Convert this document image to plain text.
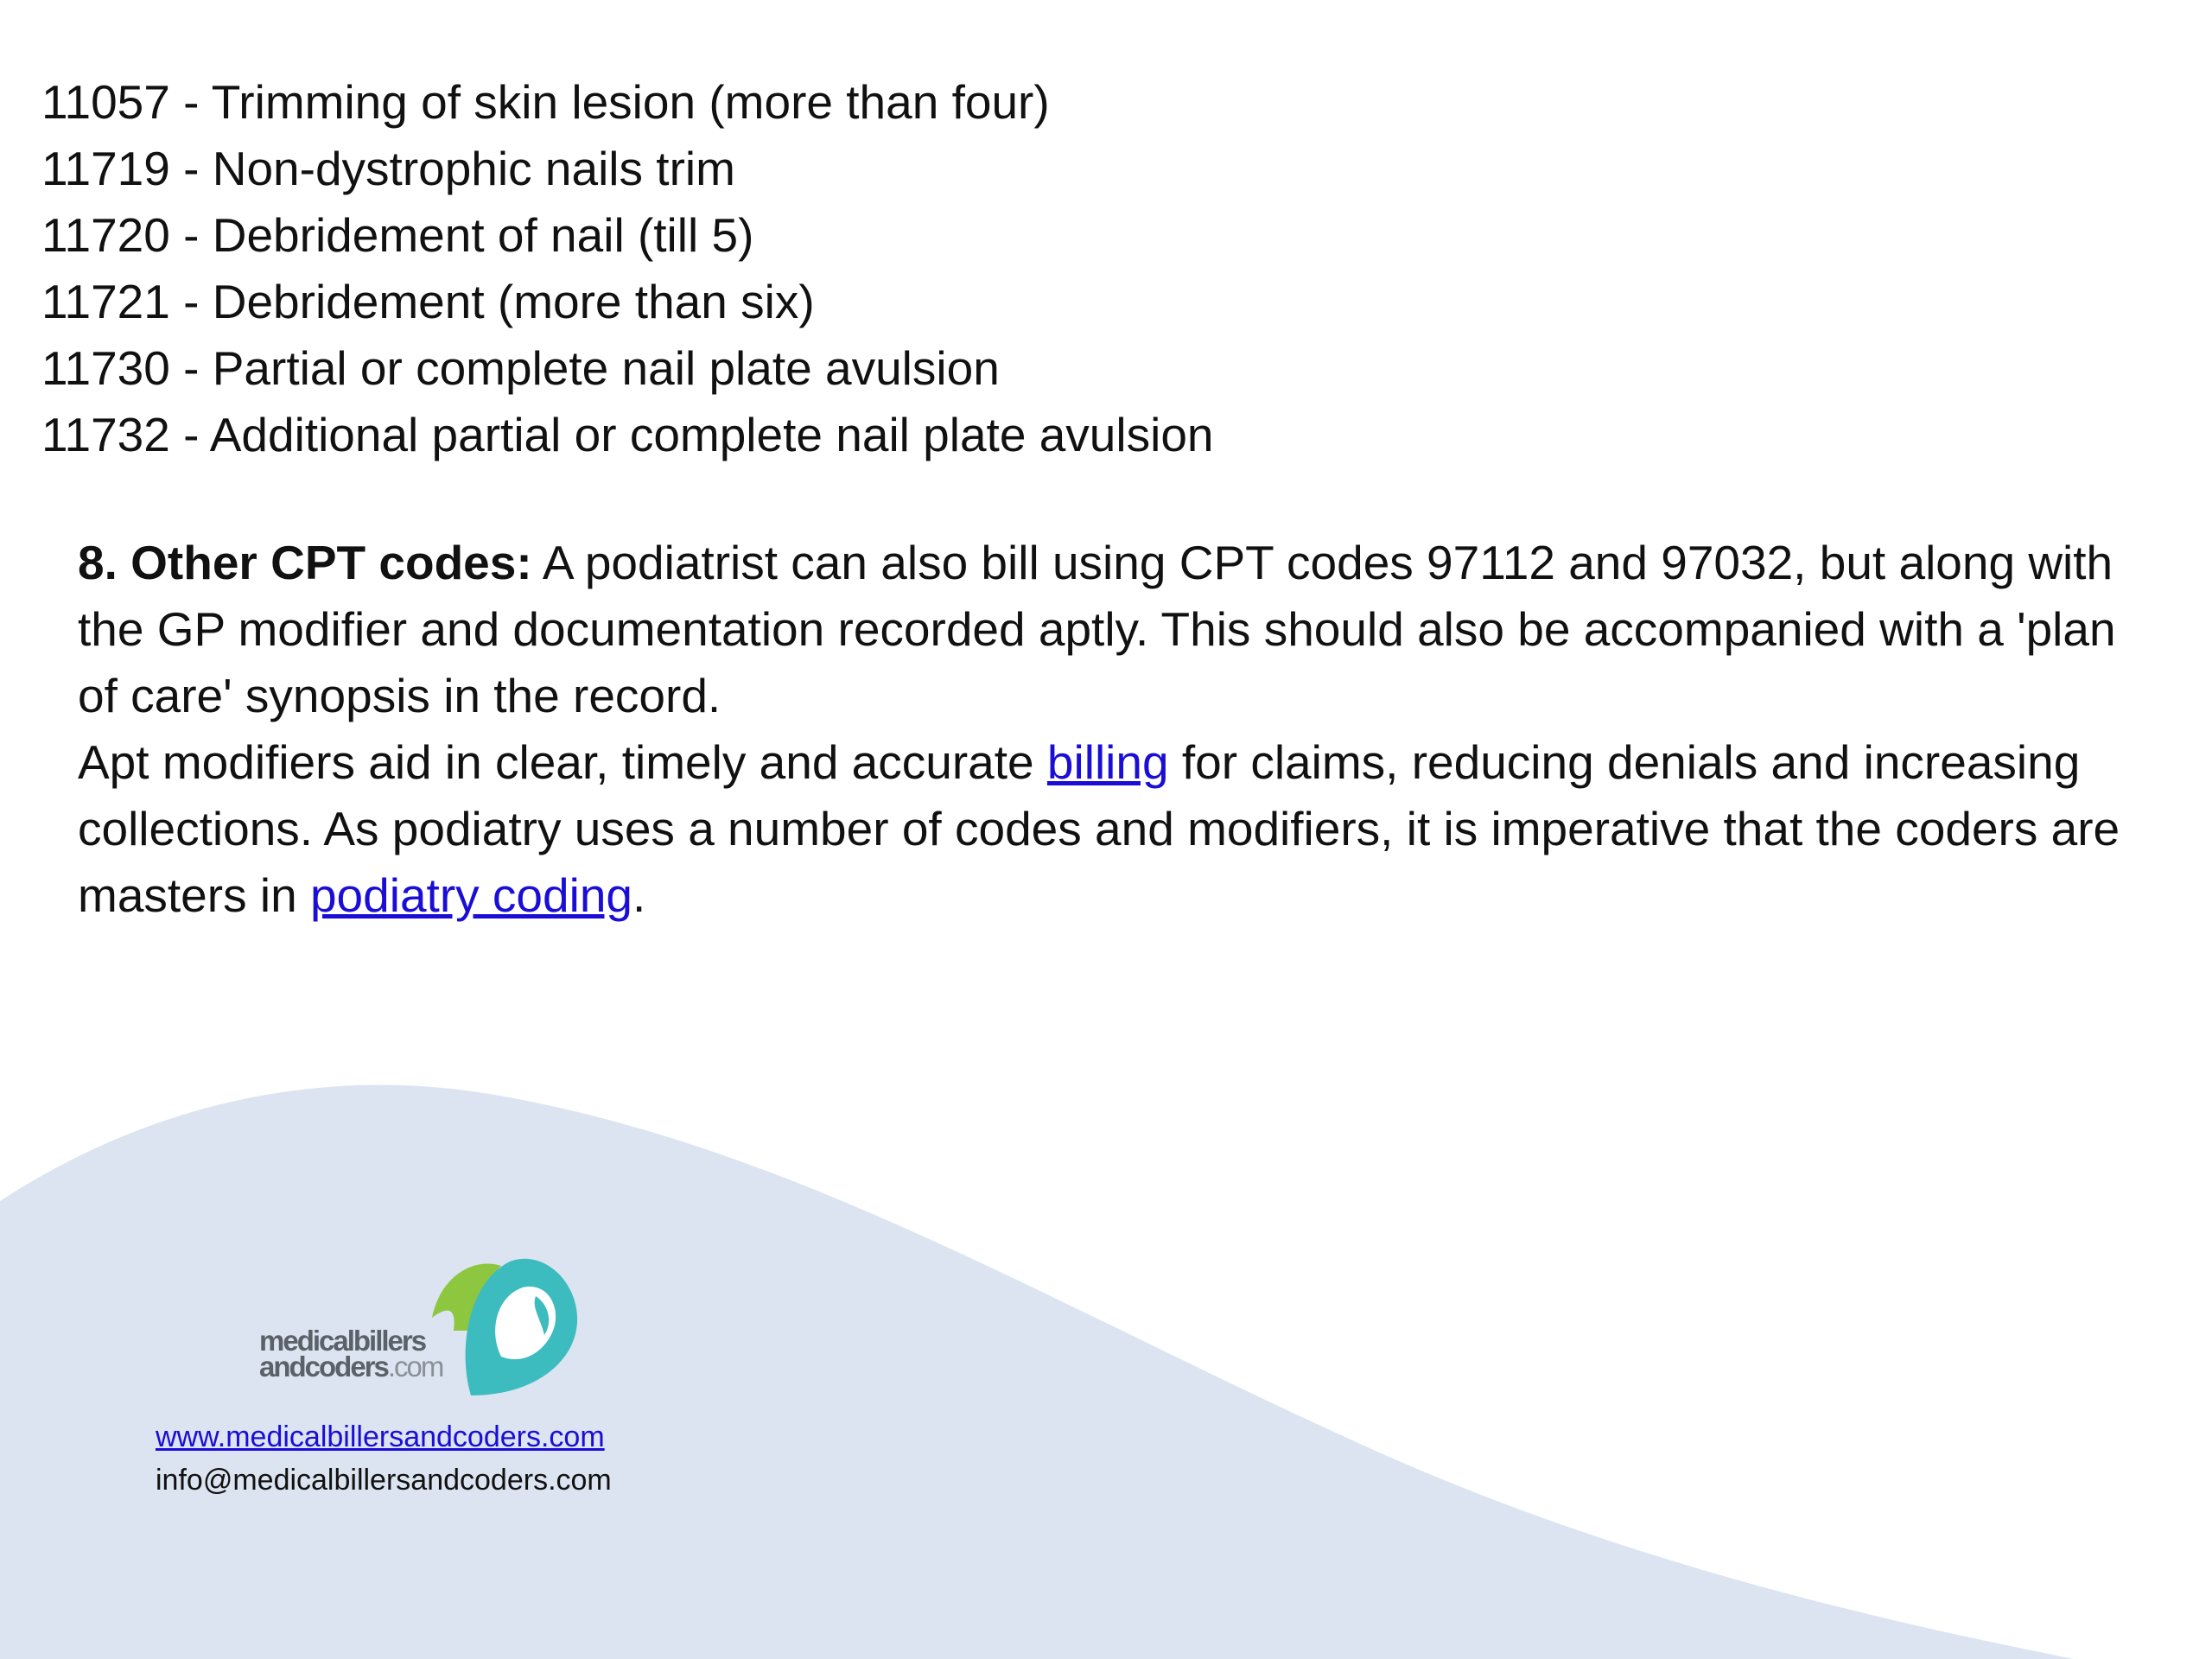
11057 - Trimming of skin lesion (more than four)
11719 - Non-dystrophic nails trim
11720 - Debridement of nail (till 5)
11721 - Debridement (more than six)
11730 - Partial or complete nail plate avulsion
11732 - Additional partial or complete nail plate avulsion

8. Other CPT codes: A podiatrist can also bill using CPT codes 97112 and 97032, but along with the GP modifier and documentation recorded aptly. This should also be accompanied with a 'plan of care' synopsis in the record.

Apt modifiers aid in clear, timely and accurate billing for claims, reducing denials and increasing collections. As podiatry uses a number of codes and modifiers, it is imperative that the coders are masters in podiatry coding.

medicalbillers
andcoders.com
www.medicalbillersandcoders.com
info@medicalbillersandcoders.com
